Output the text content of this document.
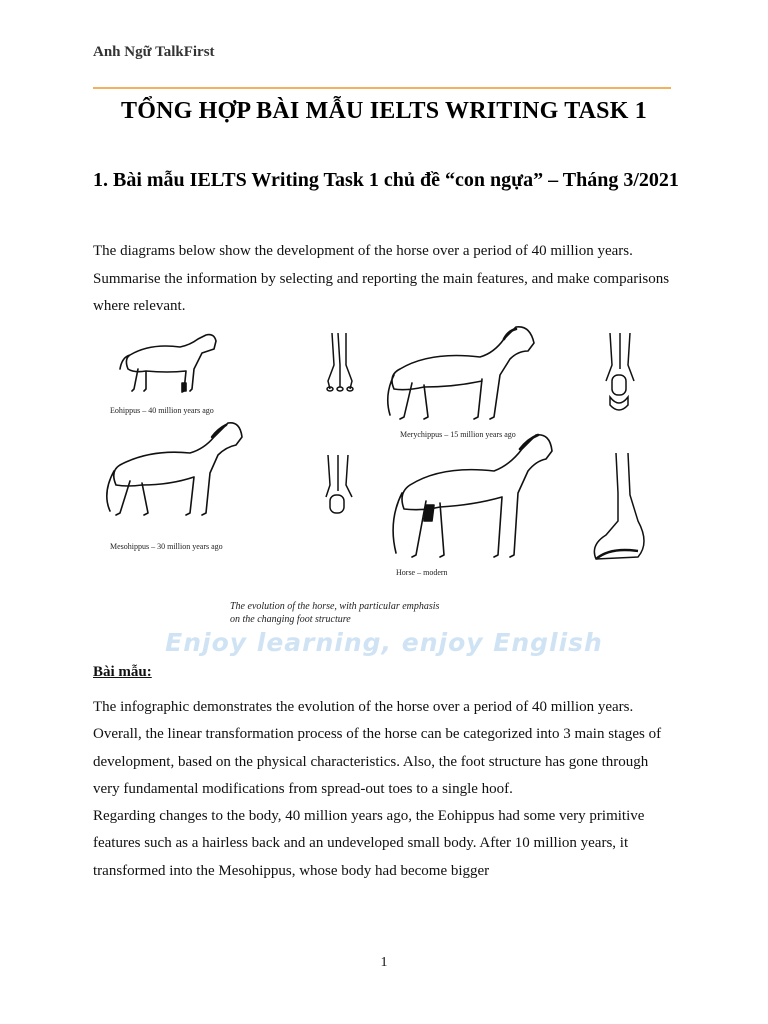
Anh Ngữ TalkFirst
TỔNG HỢP BÀI MẪU IELTS WRITING TASK 1
1. Bài mẫu IELTS Writing Task 1 chủ đề “con ngựa” – Tháng 3/2021
The diagrams below show the development of the horse over a period of 40 million years. Summarise the information by selecting and reporting the main features, and make comparisons where relevant.
Eohippus – 40 million years ago
Merychippus – 15 million years ago
Mesohippus – 30 million years ago
Horse – modern
The evolution of the horse, with particular emphasis
on the changing foot structure
Enjoy learning, enjoy English
Bài mẫu:

The infographic demonstrates the evolution of the horse over a period of 40 million years.

Overall, the linear transformation process of the horse can be categorized into 3 main stages of development, based on the physical characteristics. Also, the foot structure has gone through very fundamental modifications from spread-out toes to a single hoof.

Regarding changes to the body, 40 million years ago, the Eohippus had some very primitive features such as a hairless back and an undeveloped small body. After 10 million years, it transformed into the Mesohippus, whose body had become bigger

1
